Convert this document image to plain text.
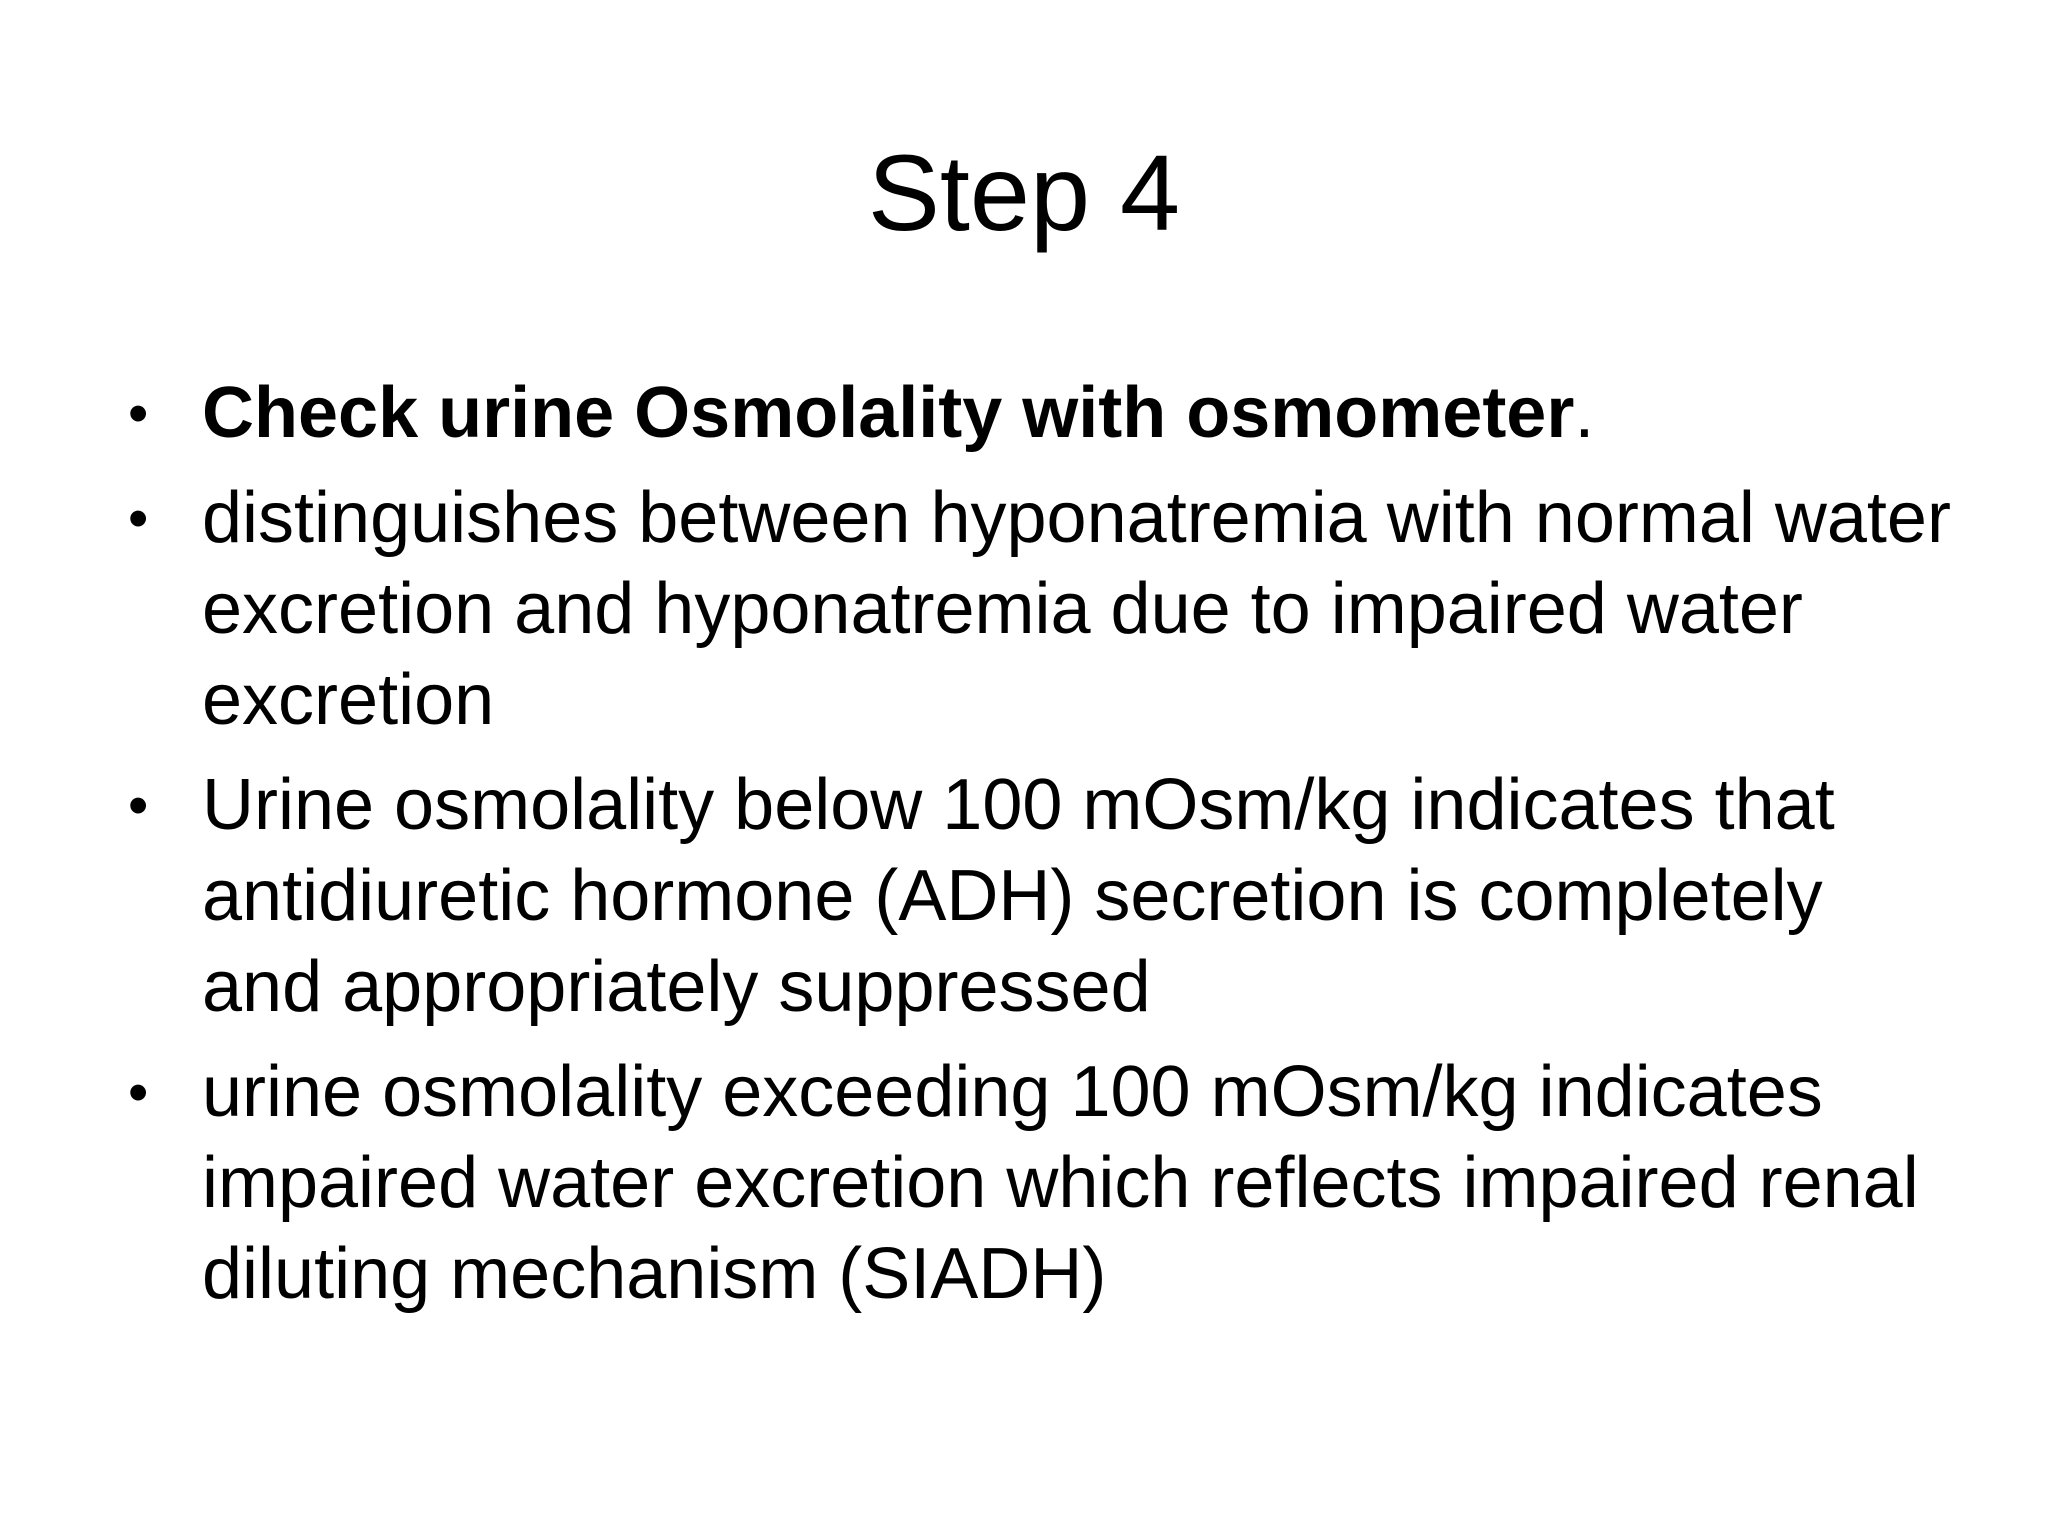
Step 4
• Check urine Osmolality with osmometer.
• distinguishes between hyponatremia with normal water excretion and hyponatremia due to impaired water excretion
• Urine osmolality below 100 mOsm/kg indicates that antidiuretic hormone (ADH) secretion is completely and appropriately suppressed
• urine osmolality exceeding 100 mOsm/kg indicates impaired water excretion which reflects impaired renal diluting mechanism (SIADH)
